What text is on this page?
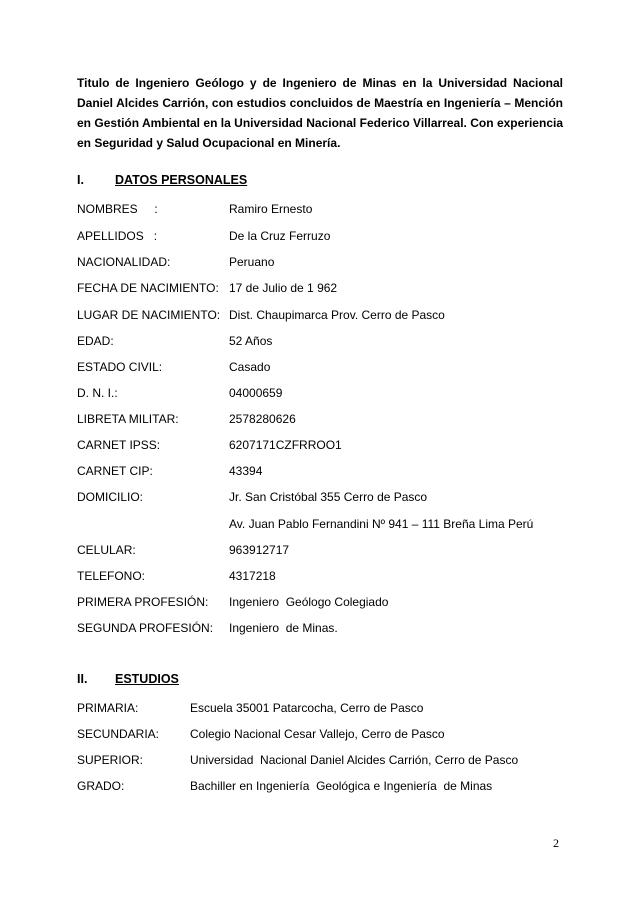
Titulo de Ingeniero Geólogo y de Ingeniero de Minas en la Universidad Nacional Daniel Alcides Carrión, con estudios concluidos de Maestría en Ingeniería – Mención en Gestión Ambiental en la Universidad Nacional Federico Villarreal. Con experiencia en Seguridad y Salud Ocupacional en Minería.
I. DATOS PERSONALES
NOMBRES     :	Ramiro Ernesto
APELLIDOS   :	De la Cruz Ferruzo
NACIONALIDAD:	Peruano
FECHA DE NACIMIENTO: 17 de Julio de 1 962
LUGAR DE NACIMIENTO: Dist. Chaupimarca Prov. Cerro de Pasco
EDAD:	52 Años
ESTADO CIVIL:	Casado
D. N. I.:	04000659
LIBRETA MILITAR:	2578280626
CARNET IPSS:	6207171CZFRROO1
CARNET CIP:	43394
DOMICILIO:	Jr. San Cristóbal 355 Cerro de Pasco
Av. Juan Pablo Fernandini Nº 941 – 111 Breña Lima Perú
CELULAR:	963912717
TELEFONO:	4317218
PRIMERA PROFESIÓN: Ingeniero  Geólogo Colegiado
SEGUNDA PROFESIÓN: Ingeniero  de Minas.
II. ESTUDIOS
PRIMARIA:	Escuela 35001 Patarcocha, Cerro de Pasco
SECUNDARIA:	Colegio Nacional Cesar Vallejo, Cerro de Pasco
SUPERIOR:	Universidad  Nacional Daniel Alcides Carrión, Cerro de Pasco
GRADO:	Bachiller en Ingeniería  Geológica e Ingeniería  de Minas
2
